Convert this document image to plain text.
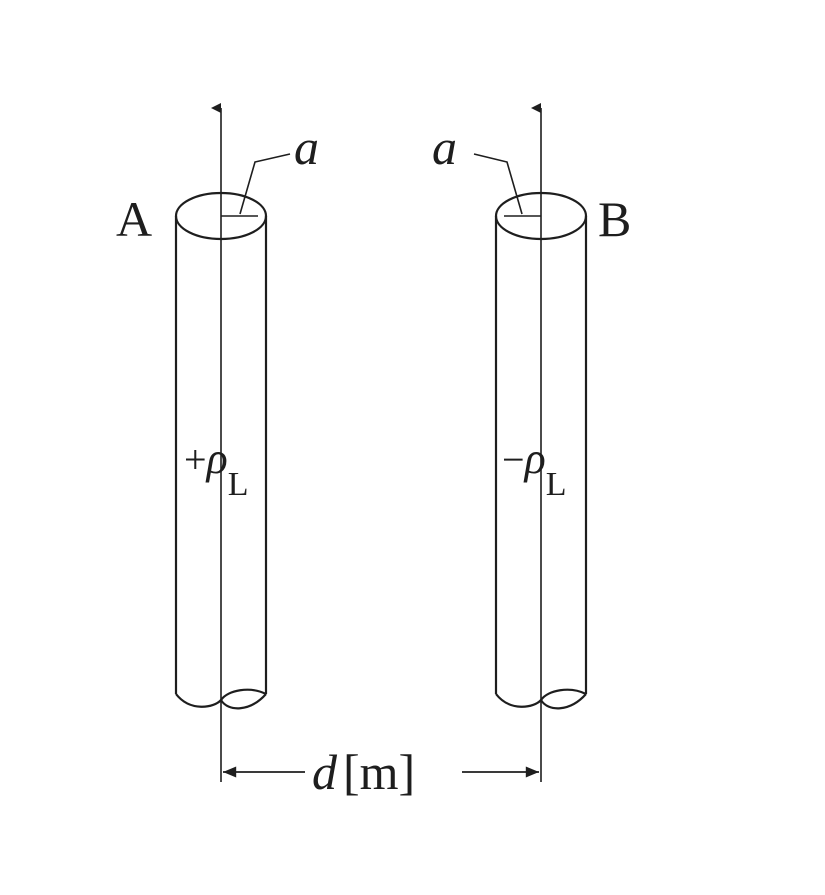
A	B
a a
$+\rho_L$
$-\rho_L$
d [m]
